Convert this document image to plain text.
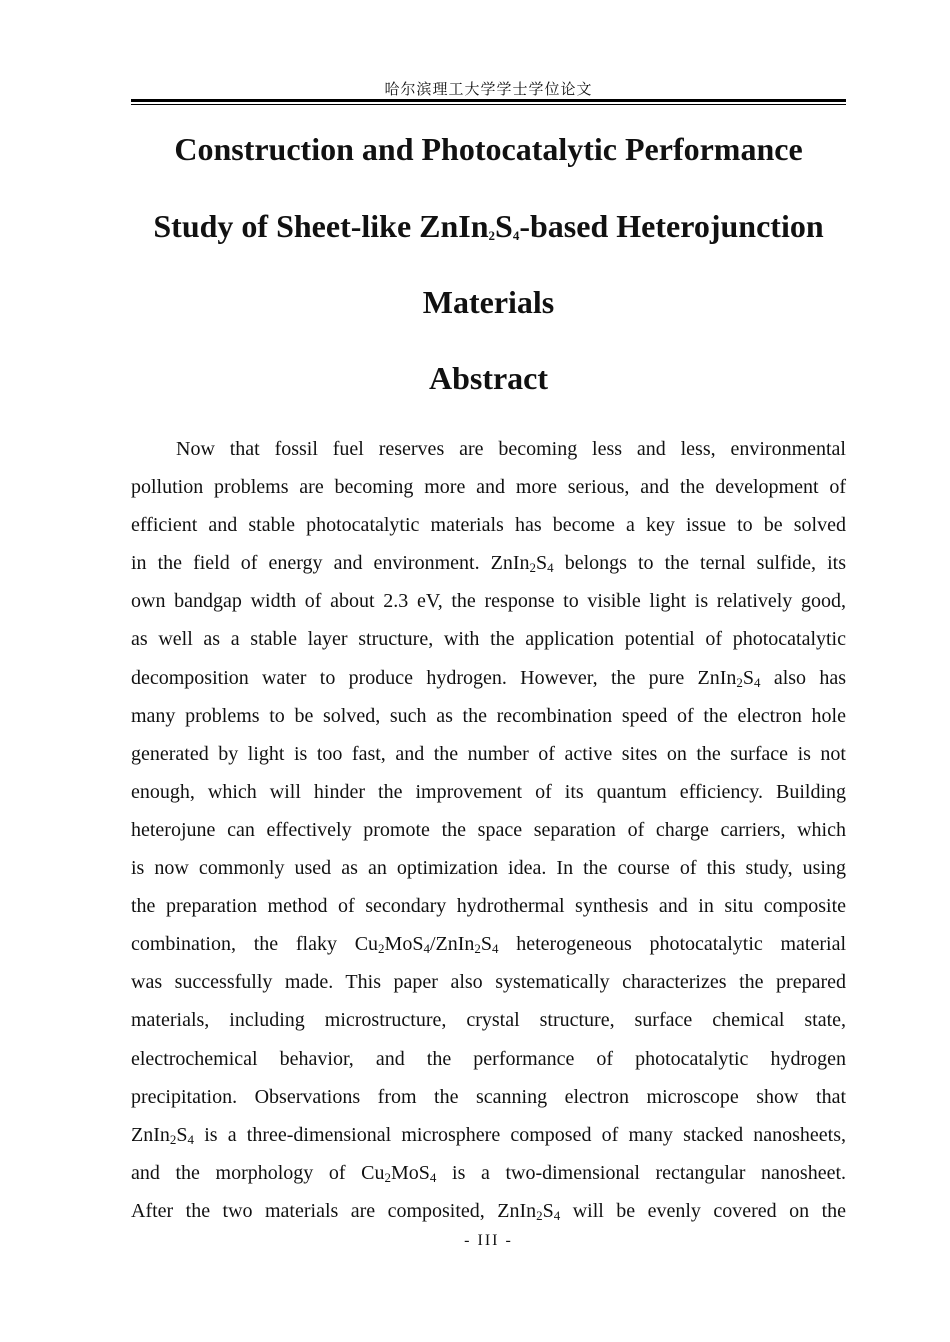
哈尔滨理工大学学士学位论文
Construction and Photocatalytic Performance
Study of Sheet-like $ZnIn_2S_4$-based Heterojunction
Materials
Abstract
Now that fossil fuel reserves are becoming less and less, environmental
pollution problems are becoming more and more serious, and the development of
efficient and stable photocatalytic materials has become a key issue to be solved
in the field of energy and environment. $ZnIn_2S_4$ belongs to the ternal sulfide, its
own bandgap width of about 2.3 eV, the response to visible light is relatively good,
as well as a stable layer structure, with the application potential of photocatalytic
decomposition water to produce hydrogen. However, the pure $ZnIn_2S_4$ also has
many problems to be solved, such as the recombination speed of the electron hole
generated by light is too fast, and the number of active sites on the surface is not
enough, which will hinder the improvement of its quantum efficiency. Building
heterojune can effectively promote the space separation of charge carriers, which
is now commonly used as an optimization idea. In the course of this study, using
the preparation method of secondary hydrothermal synthesis and in situ composite
combination, the flaky $Cu_2MoS_4/ZnIn_2S_4$ heterogeneous photocatalytic material
was successfully made. This paper also systematically characterizes the prepared
materials, including microstructure, crystal structure, surface chemical state,
electrochemical behavior, and the performance of photocatalytic hydrogen
precipitation. Observations from the scanning electron microscope show that
$ZnIn_2S_4$ is a three-dimensional microsphere composed of many stacked nanosheets,
and the morphology of $Cu_2MoS_4$ is a two-dimensional rectangular nanosheet.
After the two materials are composited, $ZnIn_2S_4$ will be evenly covered on the
- III -
